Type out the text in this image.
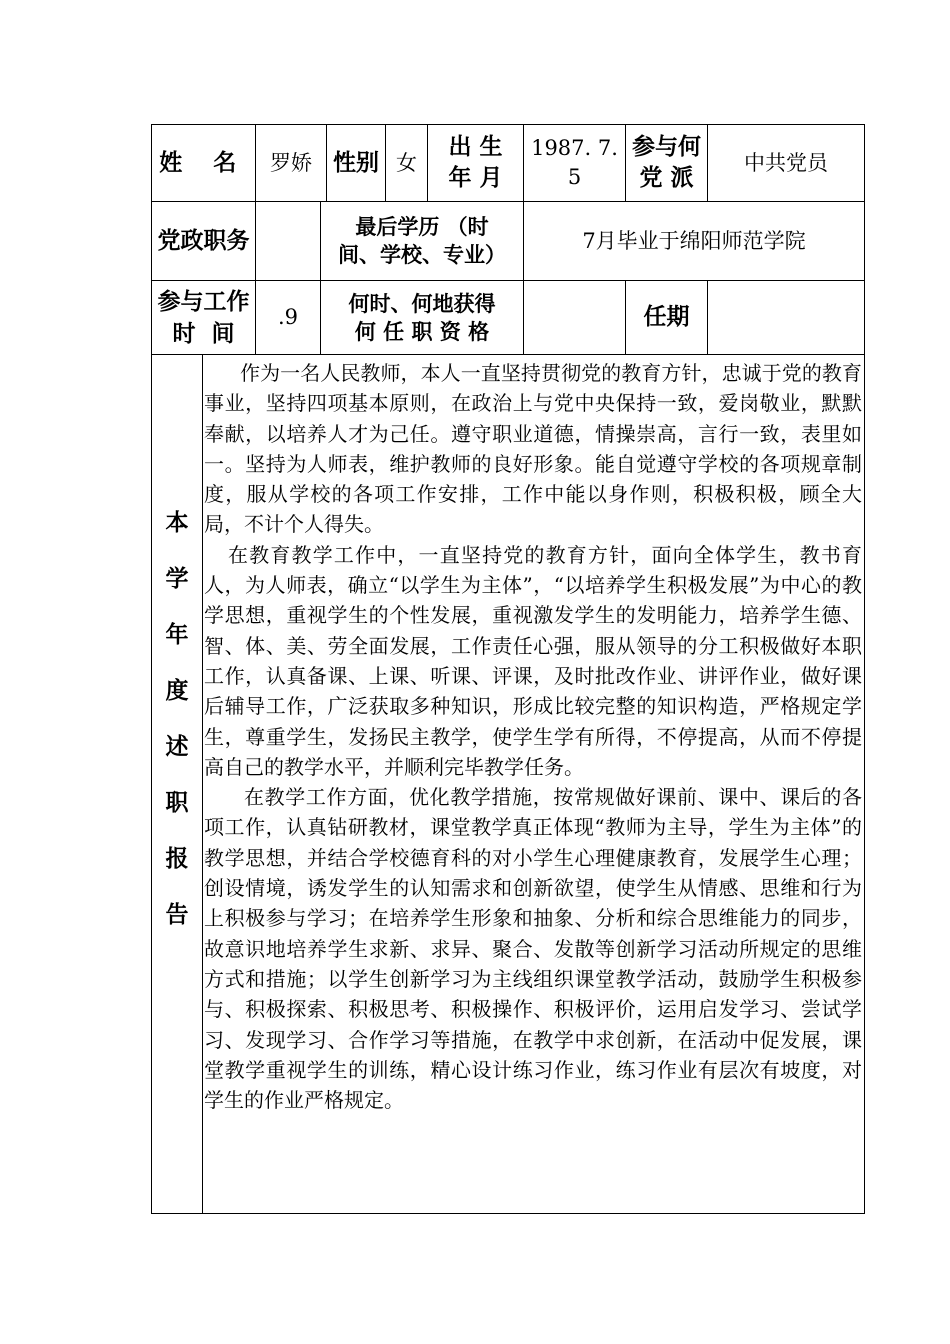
姓 名	罗娇 性别 女
出 生
年 月
1987. 7.
5
参与何
党 派
中共党员
党政职务
最后学历 （时
间、学校、专业）
7月毕业于绵阳师范学院
参与工作
时  间
.9
何时、何地获得
何 任 职 资 格
任期
本
学
年
度
述
职
报
告

作为一名人民教师，本人一直坚持贯彻党的教育方针，忠诚于党的教育事业，坚持四项基本原则，在政治上与党中央保持一致，爱岗敬业，默默奉献，以培养人才为己任。遵守职业道德，情操崇高，言行一致，表里如一。坚持为人师表，维护教师的良好形象。能自觉遵守学校的各项规章制度，服从学校的各项工作安排，工作中能以身作则，积极积极，顾全大局，不计个人得失。

在教育教学工作中，一直坚持党的教育方针，面向全体学生，教书育人，为人师表，确立“以学生为主体”，“以培养学生积极发展”为中心的教学思想，重视学生的个性发展，重视激发学生的发明能力，培养学生德、智、体、美、劳全面发展，工作责任心强，服从领导的分工积极做好本职工作，认真备课、上课、听课、评课，及时批改作业、讲评作业，做好课后辅导工作，广泛获取多种知识，形成比较完整的知识构造，严格规定学生，尊重学生，发扬民主教学，使学生学有所得，不停提高，从而不停提高自己的教学水平，并顺利完毕教学任务。

在教学工作方面，优化教学措施，按常规做好课前、课中、课后的各项工作，认真钻研教材，课堂教学真正体现“教师为主导，学生为主体”的教学思想，并结合学校德育科的对小学生心理健康教育，发展学生心理；创设情境，诱发学生的认知需求和创新欲望，使学生从情感、思维和行为上积极参与学习；在培养学生形象和抽象、分析和综合思维能力的同步，故意识地培养学生求新、求异、聚合、发散等创新学习活动所规定的思维方式和措施；以学生创新学习为主线组织课堂教学活动，鼓励学生积极参与、积极探索、积极思考、积极操作、积极评价，运用启发学习、尝试学习、发现学习、合作学习等措施，在教学中求创新，在活动中促发展，课堂教学重视学生的训练，精心设计练习作业，练习作业有层次有坡度，对学生的作业严格规定。
